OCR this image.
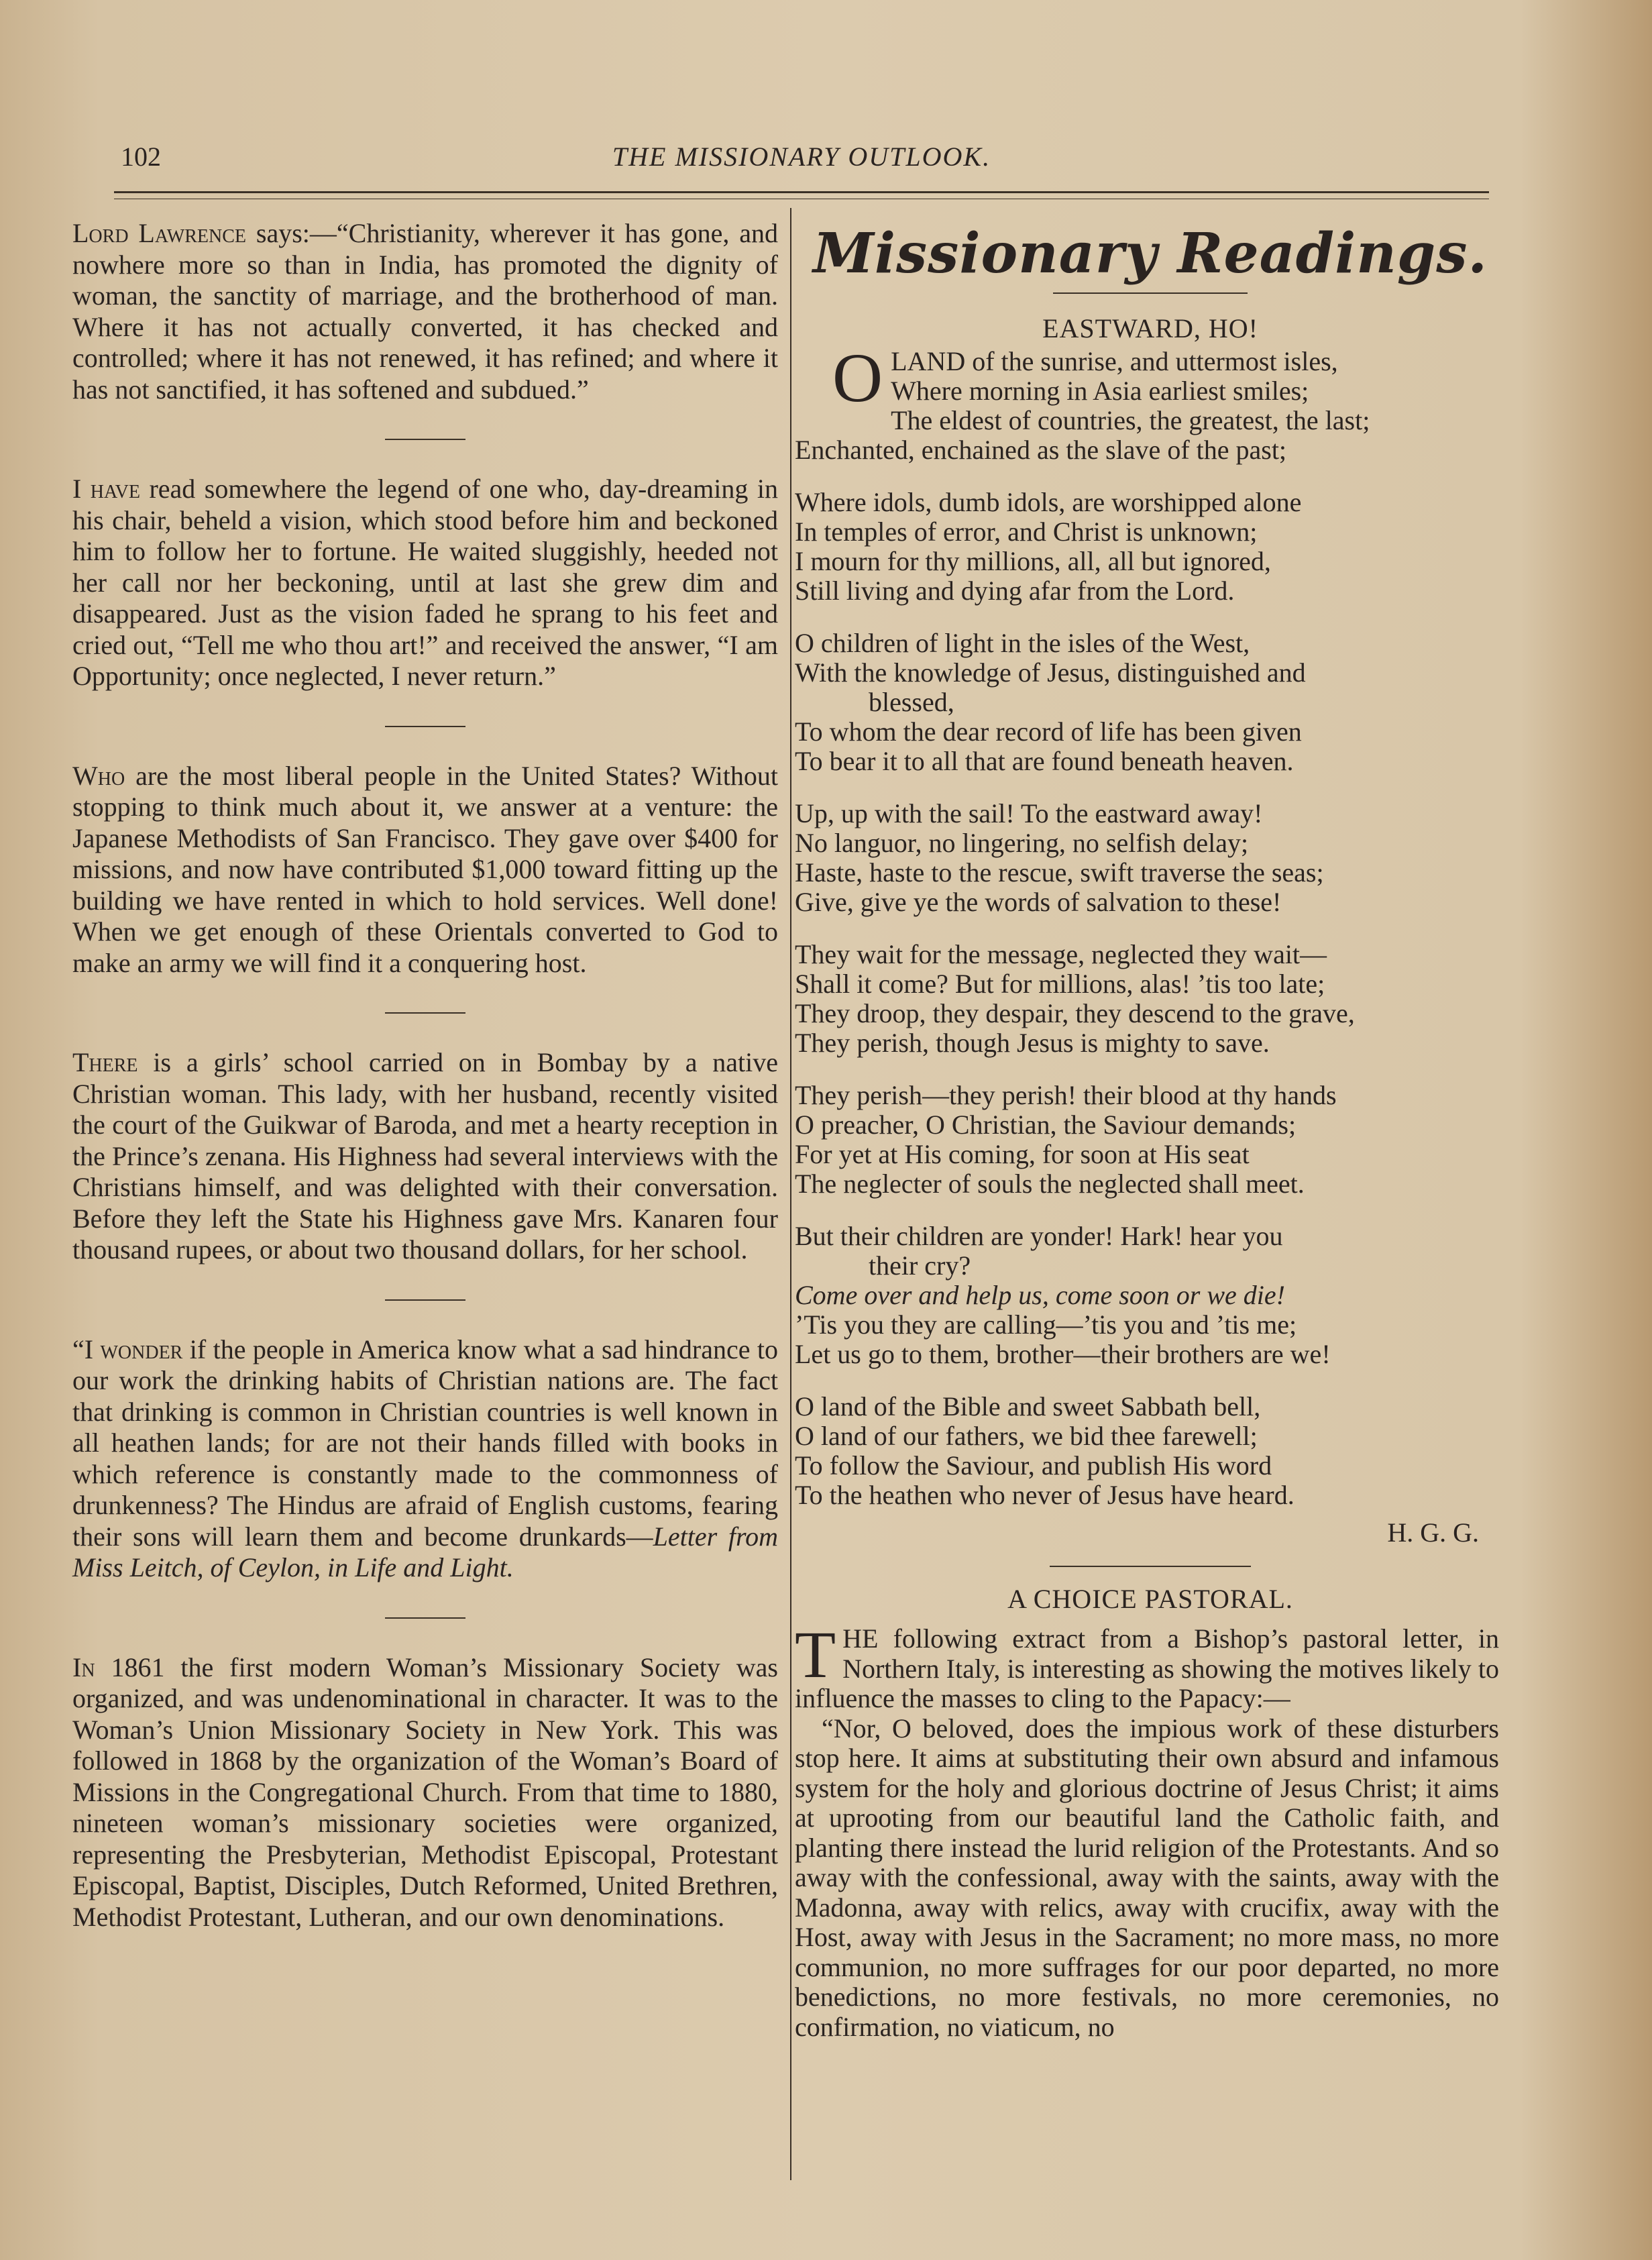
102	THE MISSIONARY OUTLOOK.

Lord Lawrence says:—“Christianity, wherever it has gone, and nowhere more so than in India, has promoted the dignity of woman, the sanctity of marriage, and the brotherhood of man. Where it has not actually converted, it has checked and controlled; where it has not renewed, it has refined; and where it has not sanctified, it has softened and subdued.”

I have read somewhere the legend of one who, day-dreaming in his chair, beheld a vision, which stood before him and beckoned him to follow her to fortune. He waited sluggishly, heeded not her call nor her beckoning, until at last she grew dim and disappeared. Just as the vision faded he sprang to his feet and cried out, “Tell me who thou art!” and received the answer, “I am Opportunity; once neglected, I never return.”

Who are the most liberal people in the United States? Without stopping to think much about it, we answer at a venture: the Japanese Methodists of San Francisco. They gave over $400 for missions, and now have contributed $1,000 toward fitting up the building we have rented in which to hold services. Well done! When we get enough of these Orientals converted to God to make an army we will find it a conquering host.

There is a girls’ school carried on in Bombay by a native Christian woman. This lady, with her husband, recently visited the court of the Guikwar of Baroda, and met a hearty reception in the Prince’s zenana. His Highness had several interviews with the Christians himself, and was delighted with their conversation. Before they left the State his Highness gave Mrs. Kanaren four thousand rupees, or about two thousand dollars, for her school.

“I wonder if the people in America know what a sad hindrance to our work the drinking habits of Christian nations are. The fact that drinking is common in Christian countries is well known in all heathen lands; for are not their hands filled with books in which reference is constantly made to the commonness of drunkenness? The Hindus are afraid of English customs, fearing their sons will learn them and become drunkards—Letter from Miss Leitch, of Ceylon, in Life and Light.

In 1861 the first modern Woman’s Missionary Society was organized, and was undenominational in character. It was to the Woman’s Union Missionary Society in New York. This was followed in 1868 by the organization of the Woman’s Board of Missions in the Congregational Church. From that time to 1880, nineteen woman’s missionary societies were organized, representing the Presbyterian, Methodist Episcopal, Protestant Episcopal, Baptist, Disciples, Dutch Reformed, United Brethren, Methodist Protestant, Lutheran, and our own denominations.

Missionary Readings.
EASTWARD, HO!
O LAND of the sunrise, and uttermost isles,
Where morning in Asia earliest smiles;
The eldest of countries, the greatest, the last;
Enchanted, enchained as the slave of the past;
Where idols, dumb idols, are worshipped alone
In temples of error, and Christ is unknown;
I mourn for thy millions, all, all but ignored,
Still living and dying afar from the Lord.
O children of light in the isles of the West,
With the knowledge of Jesus, distinguished and
blessed,
To whom the dear record of life has been given
To bear it to all that are found beneath heaven.
Up, up with the sail! To the eastward away!
No languor, no lingering, no selfish delay;
Haste, haste to the rescue, swift traverse the seas;
Give, give ye the words of salvation to these!
They wait for the message, neglected they wait—
Shall it come? But for millions, alas! ’tis too late;
They droop, they despair, they descend to the grave,
They perish, though Jesus is mighty to save.
They perish—they perish! their blood at thy hands
O preacher, O Christian, the Saviour demands;
For yet at His coming, for soon at His seat
The neglecter of souls the neglected shall meet.
But their children are yonder! Hark! hear you
their cry?
Come over and help us, come soon or we die!
’Tis you they are calling—’tis you and ’tis me;
Let us go to them, brother—their brothers are we!
O land of the Bible and sweet Sabbath bell,
O land of our fathers, we bid thee farewell;
To follow the Saviour, and publish His word
To the heathen who never of Jesus have heard.
H. G. G.
A CHOICE PASTORAL.

THE following extract from a Bishop’s pastoral letter, in Northern Italy, is interesting as showing the motives likely to influence the masses to cling to the Papacy:—

“Nor, O beloved, does the impious work of these disturbers stop here. It aims at substituting their own absurd and infamous system for the holy and glorious doctrine of Jesus Christ; it aims at uprooting from our beautiful land the Catholic faith, and planting there instead the lurid religion of the Protestants. And so away with the confessional, away with the saints, away with the Madonna, away with relics, away with crucifix, away with the Host, away with Jesus in the Sacrament; no more mass, no more communion, no more suffrages for our poor departed, no more benedictions, no more festivals, no more ceremonies, no confirmation, no viaticum, no
